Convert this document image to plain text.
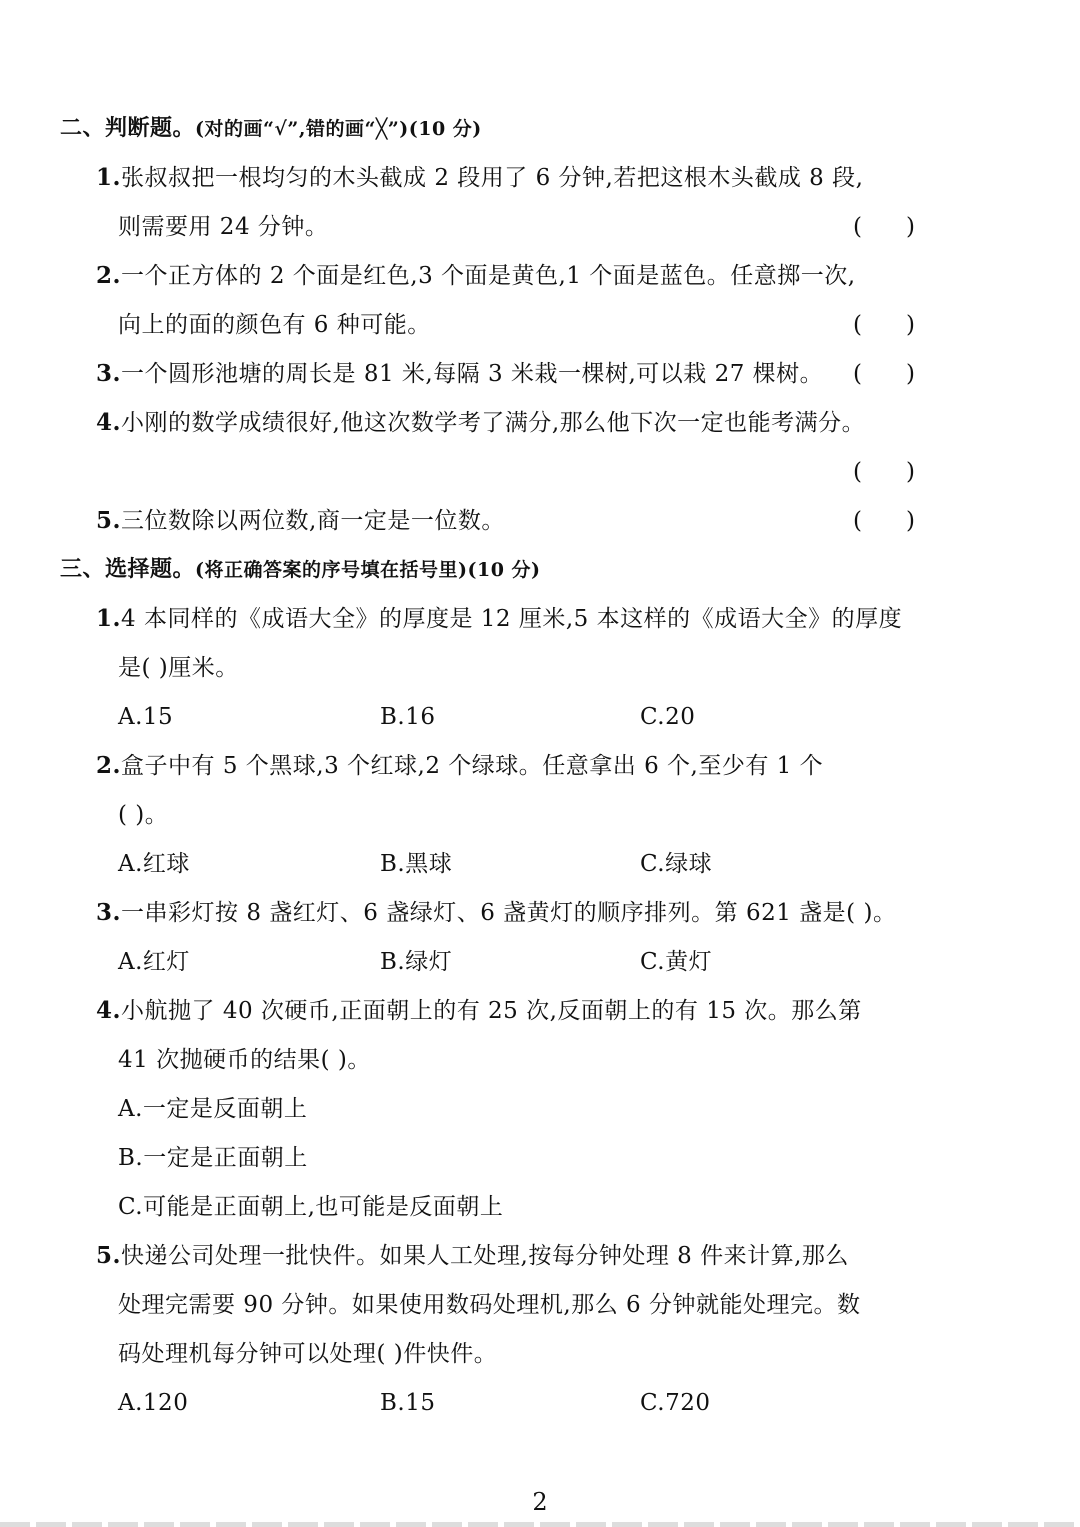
二、判断题。(对的画“√”,错的画“╳”)(10 分)
1.张叔叔把一根均匀的木头截成 2 段用了 6 分钟,若把这根木头截成 8 段,
则需要用 24 分钟。	( )
2.一个正方体的 2 个面是红色,3 个面是黄色,1 个面是蓝色。任意掷一次,
向上的面的颜色有 6 种可能。	( )
3.一个圆形池塘的周长是 81 米,每隔 3 米栽一棵树,可以栽 27 棵树。 ( )
4.小刚的数学成绩很好,他这次数学考了满分,那么他下次一定也能考满分。
( )
5.三位数除以两位数,商一定是一位数。	( )
三、选择题。(将正确答案的序号填在括号里)(10 分)
1.4 本同样的《成语大全》的厚度是 12 厘米,5 本这样的《成语大全》的厚度
是( )厘米。
A.15	B.16	C.20
2.盒子中有 5 个黑球,3 个红球,2 个绿球。任意拿出 6 个,至少有 1 个
( )。
A.红球	B.黑球	C.绿球
3.一串彩灯按 8 盏红灯、6 盏绿灯、6 盏黄灯的顺序排列。第 621 盏是( )。
A.红灯	B.绿灯	C.黄灯
4.小航抛了 40 次硬币,正面朝上的有 25 次,反面朝上的有 15 次。那么第
41 次抛硬币的结果( )。
A.一定是反面朝上
B.一定是正面朝上
C.可能是正面朝上,也可能是反面朝上
5.快递公司处理一批快件。如果人工处理,按每分钟处理 8 件来计算,那么
处理完需要 90 分钟。如果使用数码处理机,那么 6 分钟就能处理完。数
码处理机每分钟可以处理( )件快件。
A.120	B.15	C.720
2
